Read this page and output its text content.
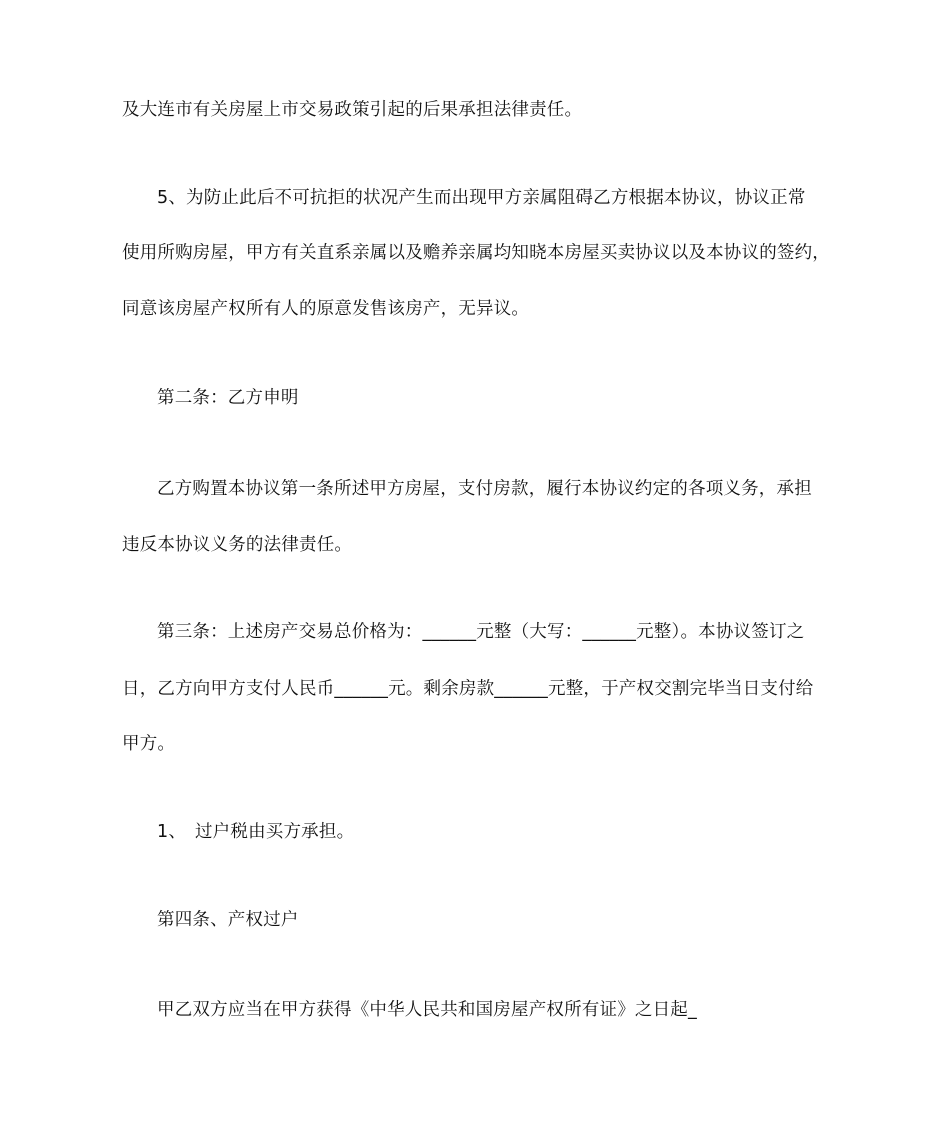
及大连市有关房屋上市交易政策引起的后果承担法律责任。
5、为防止此后不可抗拒的状况产生而出现甲方亲属阻碍乙方根据本协议，协议正常
使用所购房屋，甲方有关直系亲属以及赡养亲属均知晓本房屋买卖协议以及本协议的签约，
同意该房屋产权所有人的原意发售该房产，无异议。
第二条：乙方申明
乙方购置本协议第一条所述甲方房屋，支付房款，履行本协议约定的各项义务，承担
违反本协议义务的法律责任。
第三条：上述房产交易总价格为：______元整（大写：______元整）。本协议签订之
日，乙方向甲方支付人民币______元。剩余房款______元整，于产权交割完毕当日支付给
甲方。
1、　过户税由买方承担。
第四条、产权过户
甲乙双方应当在甲方获得《中华人民共和国房屋产权所有证》之日起_
